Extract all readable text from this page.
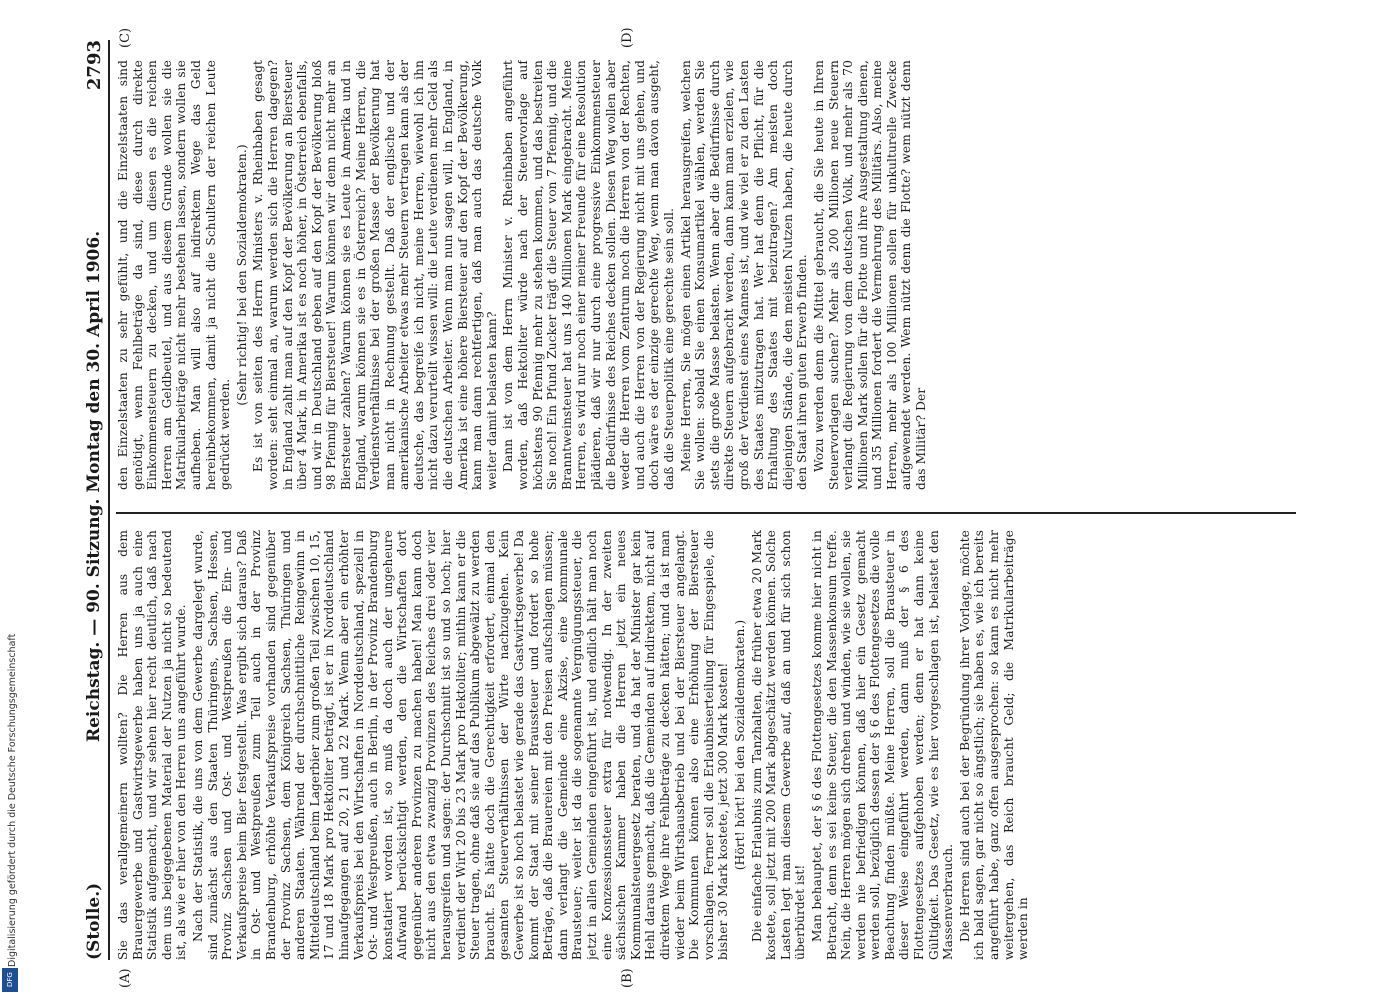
Digitalisierung gefördert durch die Deutsche Forschungsgemeinschaft
DFG
(Stolle.)
Reichstag. — 90. Sitzung. Montag den 30. April 1906.
2793
(A)	(B)
(C)	(D)

Sie das verallgemeinern wollten? Die Herren aus dem Brauergewerbe und Gastwirtsgewerbe haben uns ja auch eine Statistik aufgemacht, und wir sehen hier recht deutlich, daß nach dem uns beigegebenen Material der Nutzen ja nicht so bedeutend ist, als wie er hier von den Herren uns angeführt wurde. Nach der Statistik, die uns von dem Gewerbe dargelegt wurde, sind zunächst aus den Staaten Thüringens, Sachsen, Hessen, Provinz Sachsen und Ost- und Westpreußen die Ein- und Verkaufspreise beim Bier festgestellt. Was ergibt sich daraus? Daß in Ost- und Westpreußen zum Teil auch in der Provinz Brandenburg, erhöhte Verkaufspreise vorhanden sind gegenüber der Provinz Sachsen, dem Königreich Sachsen, Thüringen und anderen Staaten. Während der durchschnittliche Reingewinn in Mitteldeutschland beim Lagerbier zum großen Teil zwischen 10, 15, 17 und 18 Mark pro Hektoliter beträgt, ist er in Norddeutschland hinaufgegangen auf 20, 21 und 22 Mark. Wenn aber ein erhöhter Verkaufspreis bei den Wirtschaften in Norddeutschland, speziell in Ost- und Westpreußen, auch in Berlin, in der Provinz Brandenburg konstatiert worden ist, so muß da doch auch der ungeheure Aufwand berücksichtigt werden, den die Wirtschaften dort gegenüber anderen Provinzen zu machen haben! Man kann doch nicht aus den etwa zwanzig Provinzen des Reiches drei oder vier herausgreifen und sagen: der Durchschnitt ist so und so hoch; hier verdient der Wirt 20 bis 23 Mark pro Hektoliter; mithin kann er die Steuer tragen, ohne daß sie auf das Publikum abgewälzt zu werden braucht. Es hätte doch die Gerechtigkeit erfordert, einmal den gesamten Steuerverhältnissen der Wirte nachzugehen. Kein Gewerbe ist so hoch belastet wie gerade das Gastwirtsgewerbe! Da kommt der Staat mit seiner Braussteuer und fordert so hohe Beträge, daß die Brauereien mit den Preisen aufschlagen müssen; dann verlangt die Gemeinde eine Akzise, eine kommunale Brausteuer; weiter ist da die sogenannte Vergnügungssteuer, die jetzt in allen Gemeinden eingeführt ist, und endlich hält man noch eine Konzessionssteuer extra für notwendig. In der zweiten sächsischen Kammer haben die Herren jetzt ein neues Kommunalsteuergesetz beraten, und da hat der Minister gar kein Hehl daraus gemacht, daß die Gemeinden auf indirektem, nicht auf direktem Wege ihre Fehlbeträge zu decken hätten; und da ist man wieder beim Wirtshausbetrieb und bei der Biersteuer angelangt. Die Kommunen können also eine Erhöhung der Biersteuer vorschlagen. Ferner soll die Erlaubniserteilung für Eingespiele, die bisher 30 Mark kostete, jetzt 300 Mark kosten! (Hört! hört! bei den Sozialdemokraten.) Die einfache Erlaubnis zum Tanzhalten, die früher etwa 20 Mark kostete, soll jetzt mit 200 Mark abgeschätzt werden können. Solche Lasten legt man diesem Gewerbe auf, daß an und für sich schon überbürdet ist! Man behauptet, der § 6 des Flottengesetzes komme hier nicht in Betracht, denn es sei keine Steuer, die den Massenkonsum treffe. Nein, die Herren mögen sich drehen und winden, wie sie wollen, sie werden nie befriedigen können, daß hier ein Gesetz gemacht werden soll, bezüglich dessen der § 6 des Flottengesetzes die volle Beachtung finden müßte. Meine Herren, soll die Brausteuer in dieser Weise eingeführt werden, dann muß der § 6 des Flottengesetzes aufgehoben werden; denn er hat dann keine Gültigkeit. Das Gesetz, wie es hier vorgeschlagen ist, belastet den Massenverbrauch. Die Herren sind auch bei der Begründung ihrer Vorlage, möchte ich bald sagen, gar nicht so ängstlich; sie haben es, wie ich bereits angeführt habe, ganz offen ausgesprochen: so kann es nicht mehr weitergehen, das Reich braucht Geld; die Matrikularbeiträge werden in

den Einzelstaaten zu sehr gefühlt, und die Einzelstaaten sind genötigt, wenn Fehlbeträge da sind, diese durch direkte Einkommensteuern zu decken, und um diesen es die reichen Herren am Geldbeutel, und aus diesem Grunde wollen sie die Matrikularbeiträge nicht mehr bestehen lassen, sondern wollen sie aufheben. Man will also auf indirektem Wege das Geld hereinbekommen, damit ja nicht die Schultern der reichen Leute gedrückt werden.

(Sehr richtig! bei den Sozialdemokraten.) Es ist von seiten des Herrn Ministers v. Rheinbaben gesagt worden: seht einmal an, warum werden sich die Herren dagegen? in England zahlt man auf den Kopf der Bevölkerung an Biersteuer über 4 Mark, in Amerika ist es noch höher, in Österreich ebenfalls, und wir in Deutschland geben auf den Kopf der Bevölkerung bloß 98 Pfennig für Biersteuer! Warum können wir denn nicht mehr an Biersteuer zahlen? Warum können sie es Leute in Amerika und in England, warum können sie es in Österreich? Meine Herren, die Verdienstverhältnisse bei der großen Masse der Bevölkerung hat man nicht in Rechnung gestellt. Daß der englische und der amerikanische Arbeiter etwas mehr Steuern vertragen kann als der deutsche, das begreife ich nicht, meine Herren, wiewohl ich ihn nicht dazu verurteilt wissen will: die Leute verdienen mehr Geld als die deutschen Arbeiter. Wenn man nun sagen will, in England, in Amerika ist eine höhere Biersteuer auf den Kopf der Bevölkerung, kann man dann rechtfertigen, daß man auch das deutsche Volk weiter damit belasten kann? Dann ist von dem Herrn Minister v. Rheinbaben angeführt worden, daß Hektoliter würde nach der Steuervorlage auf höchstens 90 Pfennig mehr zu stehen kommen, und das bestreiten Sie noch! Ein Pfund Zucker trägt die Steuer von 7 Pfennig, und die Branntweinsteuer hat uns 140 Millionen Mark eingebracht. Meine Herren, es wird nur noch einer meiner Freunde für eine Resolution plädieren, daß wir nur durch eine progressive Einkommensteuer die Bedürfnisse des Reiches decken sollen. Diesen Weg wollen aber weder die Herren vom Zentrum noch die Herren von der Rechten, und auch die Herren von der Regierung nicht mit uns gehen, und doch wäre es der einzige gerechte Weg, wenn man davon ausgeht, daß die Steuerpolitik eine gerechte sein soll. Meine Herren, Sie mögen einen Artikel herausgreifen, welchen Sie wollen: sobald Sie einen Konsumartikel wählen, werden Sie stets die große Masse belasten. Wenn aber die Bedürfnisse durch direkte Steuern aufgebracht werden, dann kann man erzielen, wie groß der Verdienst eines Mannes ist, und wie viel er zu den Lasten des Staates mitzutragen hat. Wer hat denn die Pflicht, für die Erhaltung des Staates mit beizutragen? Am meisten doch diejenigen Stände, die den meisten Nutzen haben, die heute durch den Staat ihren guten Erwerb finden. Wozu werden denn die Mittel gebraucht, die Sie heute in Ihren Steuervorlagen suchen? Mehr als 200 Millionen neue Steuern verlangt die Regierung von dem deutschen Volk, und mehr als 70 Millionen Mark sollen für die Flotte und ihre Ausgestaltung dienen, und 35 Millionen fordert die Vermehrung des Militärs. Also, meine Herren, mehr als 100 Millionen sollen für unkulturelle Zwecke aufgewendet werden. Wem nützt denn die Flotte? wem nützt denn das Militär? Der
